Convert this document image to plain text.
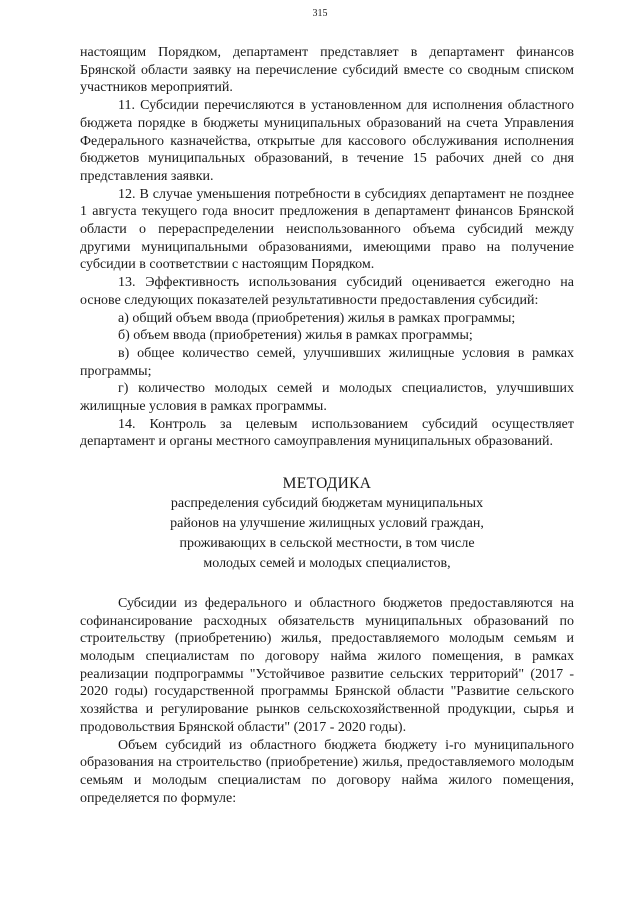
315

настоящим Порядком, департамент представляет в департамент финансов Брянской области заявку на перечисление субсидий вместе со сводным списком участников мероприятий.

11. Субсидии перечисляются в установленном для исполнения областного бюджета порядке в бюджеты муниципальных образований на счета Управления Федерального казначейства, открытые для кассового обслуживания исполнения бюджетов муниципальных образований, в течение 15 рабочих дней со дня представления заявки.

12. В случае уменьшения потребности в субсидиях департамент не позднее 1 августа текущего года вносит предложения в департамент финансов Брянской области о перераспределении неиспользованного объема субсидий между другими муниципальными образованиями, имеющими право на получение субсидии в соответствии с настоящим Порядком.

13. Эффективность использования субсидий оценивается ежегодно на основе следующих показателей результативности предоставления субсидий:

а) общий объем ввода (приобретения) жилья в рамках программы;

б) объем ввода (приобретения) жилья в рамках программы;

в) общее количество семей, улучшивших жилищные условия в рамках программы;

г) количество молодых семей и молодых специалистов, улучшивших жилищные условия в рамках программы.

14. Контроль за целевым использованием субсидий осуществляет департамент и органы местного самоуправления муниципальных образований.

МЕТОДИКА

распределения субсидий бюджетам муниципальных

районов на улучшение жилищных условий граждан,

проживающих в сельской местности, в том числе

молодых семей и молодых специалистов,

Субсидии из федерального и областного бюджетов предоставляются на софинансирование расходных обязательств муниципальных образований по строительству (приобретению) жилья, предоставляемого молодым семьям и молодым специалистам по договору найма жилого помещения, в рамках реализации подпрограммы "Устойчивое развитие сельских территорий" (2017 - 2020 годы) государственной программы Брянской области "Развитие сельского хозяйства и регулирование рынков сельскохозяйственной продукции, сырья и продовольствия Брянской области" (2017 - 2020 годы).

Объем субсидий из областного бюджета бюджету i-го муниципального образования на строительство (приобретение) жилья, предоставляемого молодым семьям и молодым специалистам по договору найма жилого помещения, определяется по формуле:
